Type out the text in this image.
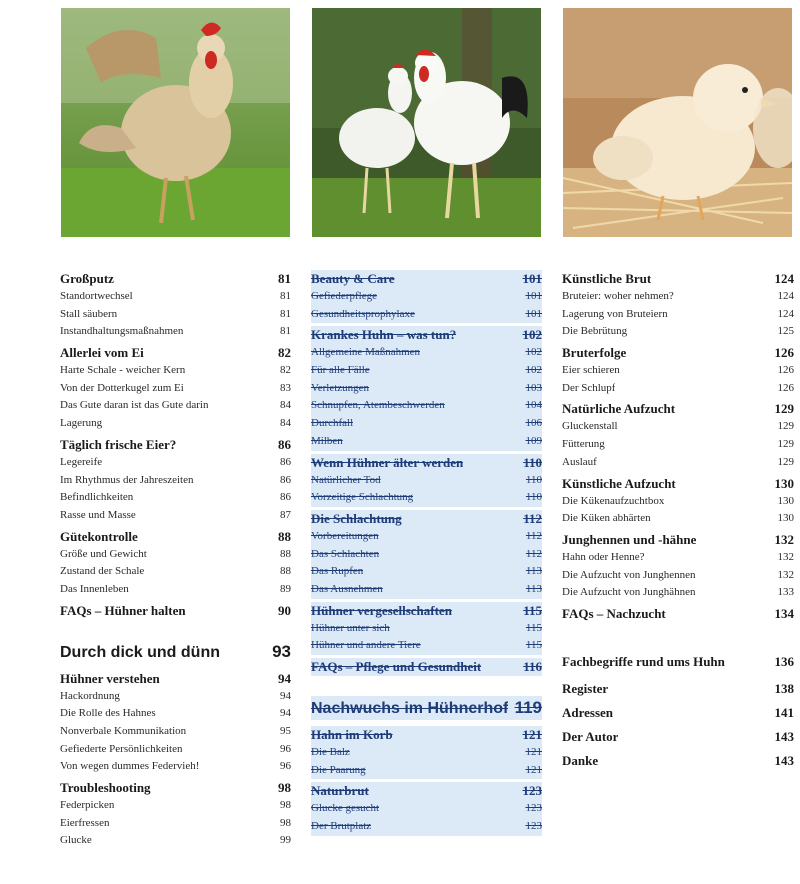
Großputz	81
Standortwechsel	81
Stall säubern	81
Instandhaltungsmaßnahmen	81
Allerlei vom Ei	82
Harte Schale - weicher Kern	82
Von der Dotterkugel zum Ei	83
Das Gute daran ist das Gute darin	84
Lagerung	84
Täglich frische Eier?	86
Legereife	86
Im Rhythmus der Jahreszeiten	86
Befindlichkeiten	86
Rasse und Masse	87
Gütekontrolle	88
Größe und Gewicht	88
Zustand der Schale	88
Das Innenleben	89
FAQs – Hühner halten	90
Durch dick und dünn	93
Hühner verstehen	94
Hackordnung	94
Die Rolle des Hahnes	94
Nonverbale Kommunikation	95
Gefiederte Persönlichkeiten	96
Von wegen dummes Federvieh!	96
Troubleshooting	98
Federpicken	98
Eierfressen	98
Glucke	99
Beauty & Care	101
Gefiederpflege	101
Gesundheitsprophylaxe	101
Krankes Huhn – was tun?	102
Allgemeine Maßnahmen	102
Für alle Fälle	102
Verletzungen	103
Schnupfen, Atembeschwerden	104
Durchfall	106
Milben	109
Wenn Hühner älter werden	110
Natürlicher Tod	110
Vorzeitige Schlachtung	110
Die Schlachtung	112
Vorbereitungen	112
Das Schlachten	112
Das Rupfen	113
Das Ausnehmen	113
Hühner vergesellschaften	115
Hühner unter sich	115
Hühner und andere Tiere	115
FAQs – Pflege und Gesundheit	116
Nachwuchs im Hühnerhof 119
Hahn im Korb	121
Die Balz	121
Die Paarung	121
Naturbrut	123
Glucke gesucht	123
Der Brutplatz	123
Künstliche Brut	124
Bruteier: woher nehmen?	124
Lagerung von Bruteiern	124
Die Bebrütung	125
Bruterfolge	126
Eier schieren	126
Der Schlupf	126
Natürliche Aufzucht	129
Gluckenstall	129
Fütterung	129
Auslauf	129
Künstliche Aufzucht	130
Die Kükenaufzuchtbox	130
Die Küken abhärten	130
Junghennen und -hähne	132
Hahn oder Henne?	132
Die Aufzucht von Junghennen	132
Die Aufzucht von Junghähnen	133
FAQs – Nachzucht	134
Fachbegriffe rund ums Huhn	136
Register	138
Adressen	141
Der Autor	143
Danke	143
